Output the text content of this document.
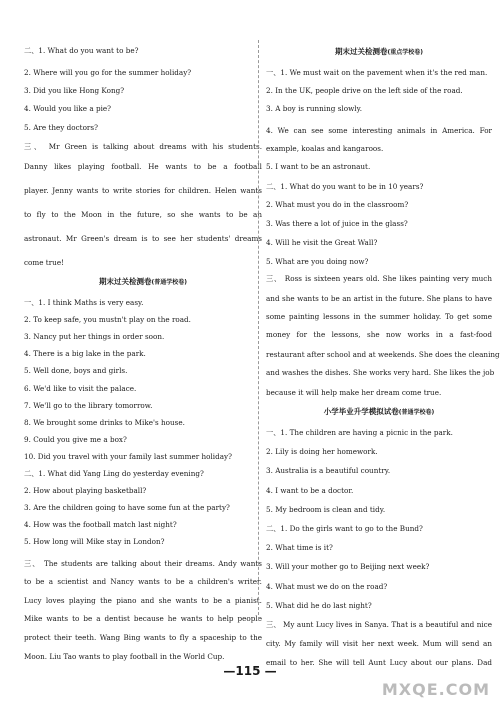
二、1. What do you want to be?
2. Where will you go for the summer holiday?
3. Did you like Hong Kong?
4. Would you like a pie?
5. Are they doctors?
三、 Mr Green is talking about dreams with his students.
Danny likes playing football. He wants to be a football
player. Jenny wants to write stories for children. Helen wants
to fly to the Moon in the future, so she wants to be an
astronaut. Mr Green's dream is to see her students' dreams
come true!
期末过关检测卷(普通学校卷)
一、1. I think Maths is very easy.
2. To keep safe, you mustn't play on the road.
3. Nancy put her things in order soon.
4. There is a big lake in the park.
5. Well done, boys and girls.
6. We'd like to visit the palace.
7. We'll go to the library tomorrow.
8. We brought some drinks to Mike's house.
9. Could you give me a box?
10. Did you travel with your family last summer holiday?
二、1. What did Yang Ling do yesterday evening?
2. How about playing basketball?
3. Are the children going to have some fun at the party?
4. How was the football match last night?
5. How long will Mike stay in London?
三、 The students are talking about their dreams. Andy wants
to be a scientist and Nancy wants to be a children's writer.
Lucy loves playing the piano and she wants to be a pianist.
Mike wants to be a dentist because he wants to help people
protect their teeth. Wang Bing wants to fly a spaceship to the
Moon. Liu Tao wants to play football in the World Cup.
期末过关检测卷(重点学校卷)
一、1. We must wait on the pavement when it's the red man.
2. In the UK, people drive on the left side of the road.
3. A boy is running slowly.
4. We can see some interesting animals in America. For
example, koalas and kangaroos.
5. I want to be an astronaut.
二、1. What do you want to be in 10 years?
2. What must you do in the classroom?
3. Was there a lot of juice in the glass?
4. Will he visit the Great Wall?
5. What are you doing now?
三、 Ross is sixteen years old. She likes painting very much
and she wants to be an artist in the future. She plans to have
some painting lessons in the summer holiday. To get some
money for the lessons, she now works in a fast-food
restaurant after school and at weekends. She does the cleaning
and washes the dishes. She works very hard. She likes the job
because it will help make her dream come true.
小学毕业升学模拟试卷(普通学校卷)
一、1. The children are having a picnic in the park.
2. Lily is doing her homework.
3. Australia is a beautiful country.
4. I want to be a doctor.
5. My bedroom is clean and tidy.
二、1. Do the girls want to go to the Bund?
2. What time is it?
3. Will your mother go to Beijing next week?
4. What must we do on the road?
5. What did he do last night?
三、 My aunt Lucy lives in Sanya. That is a beautiful and nice
city. My family will visit her next week. Mum will send an
email to her. She will tell Aunt Lucy about our plans. Dad
—115 —
MXQE.COM
